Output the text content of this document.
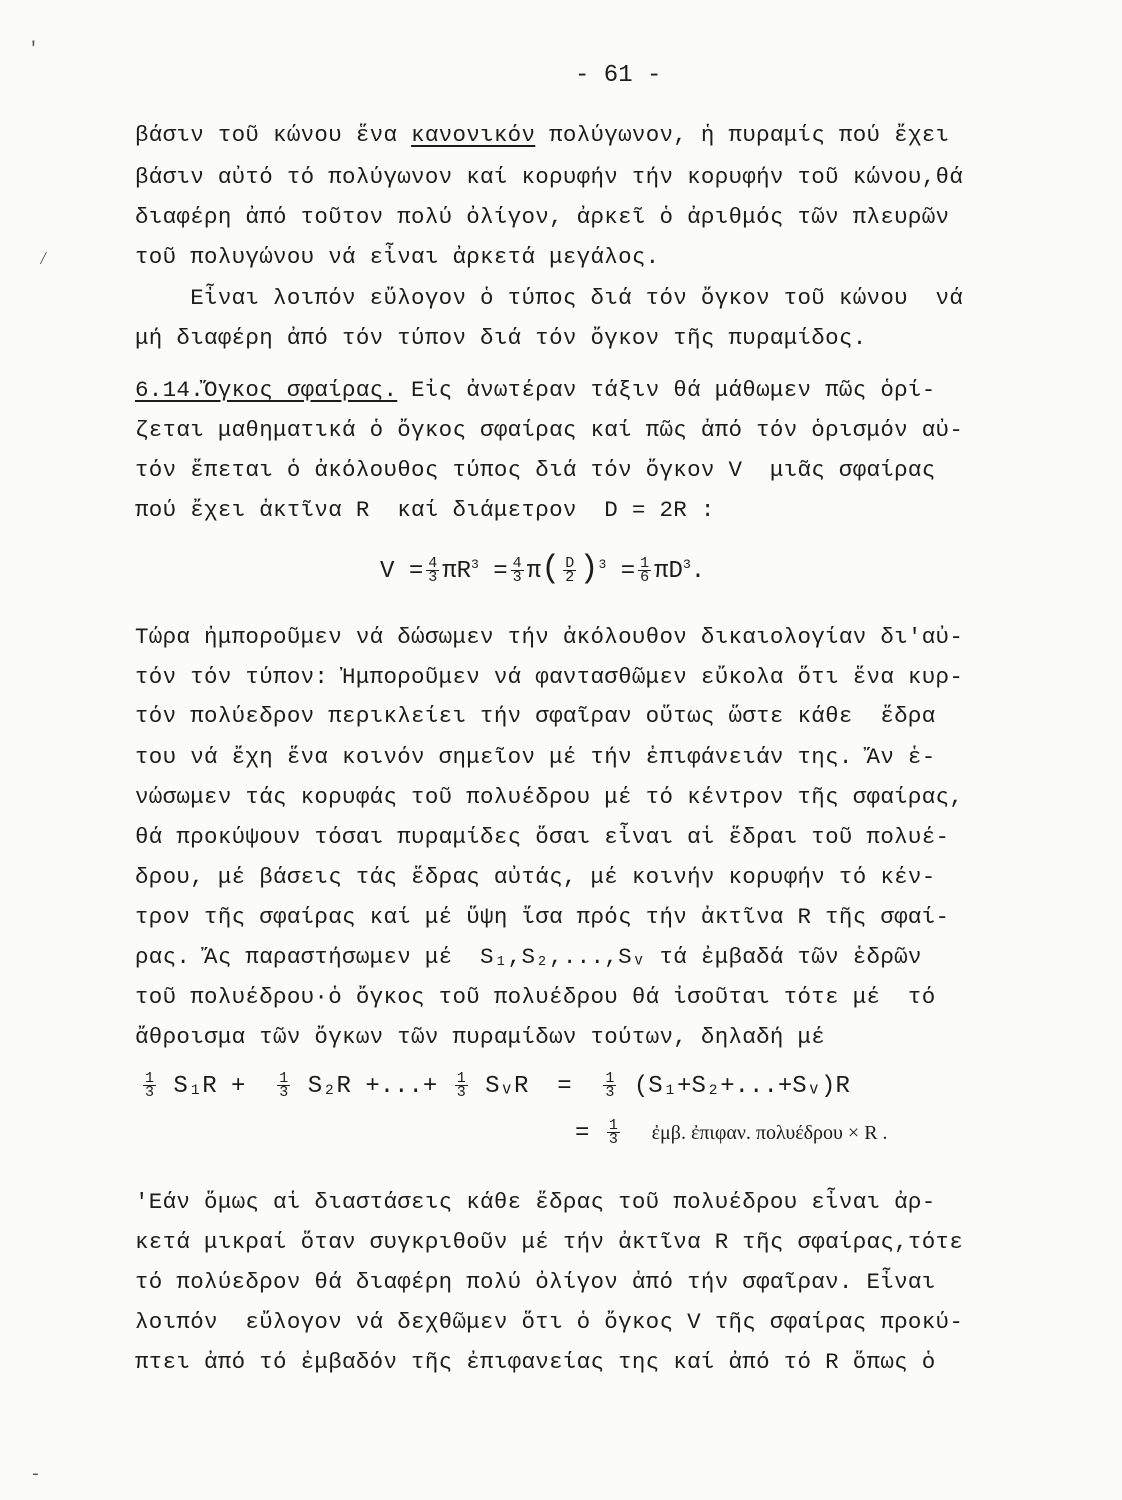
'
⁄
- 61 -
βάσιν τοῦ κώνου ἕνα κανονικόν πολύγωνον, ἡ πυραμίς πού ἔχει
βάσιν αὐτό τό πολύγωνον καί κορυφήν τήν κορυφήν τοῦ κώνου,θά
διαφέρη ἀπό τοῦτον πολύ ὀλίγον, ἀρκεῖ ὁ ἀριθμός τῶν πλευρῶν
τοῦ πολυγώνου νά εἶναι ἀρκετά μεγάλος.
Εἶναι λοιπόν εὔλογον ὁ τύπος διά τόν ὄγκον τοῦ κώνου  νά
μή διαφέρη ἀπό τόν τύπον διά τόν ὄγκον τῆς πυραμίδος.
6.14.Ὄγκος σφαίρας. Εἰς ἀνωτέραν τάξιν θά μάθωμεν πῶς ὁρί-
ζεται μαθηματικά ὁ ὄγκος σφαίρας καί πῶς ἀπό τόν ὁρισμόν αὐ-
τόν ἕπεται ὁ ἀκόλουθος τύπος διά τόν ὄγκον V  μιᾶς σφαίρας
πού ἔχει ἀκτῖνα R  καί διάμετρον  D = 2R :
$V = \frac{4}{3} \pi R^3 = \frac{4}{3} \pi( \frac{D}{2} )^3 = \frac{1}{6} \pi D^3$.
Τώρα ἠμποροῦμεν νά δώσωμεν τήν ἀκόλουθον δικαιολογίαν δι'αὐ-
τόν τόν τύπον: Ἠμποροῦμεν νά φαντασθῶμεν εὔκολα ὅτι ἕνα κυρ-
τόν πολύεδρον περικλείει τήν σφαῖραν οὕτως ὥστε κάθε  ἕδρα
του νά ἔχη ἕνα κοινόν σημεῖον μέ τήν ἐπιφάνειάν της. Ἄν ἑ-
νώσωμεν τάς κορυφάς τοῦ πολυέδρου μέ τό κέντρον τῆς σφαίρας,
θά προκύψουν τόσαι πυραμίδες ὅσαι εἶναι αἱ ἕδραι τοῦ πολυέ-
δρου, μέ βάσεις τάς ἕδρας αὐτάς, μέ κοινήν κορυφήν τό κέν-
τρον τῆς σφαίρας καί μέ ὕψη ἴσα πρός τήν ἀκτῖνα R τῆς σφαί-
ρας. Ἄς παραστήσωμεν μέ  S₁,S₂,...,Sᵥ τά ἐμβαδά τῶν ἑδρῶν
τοῦ πολυέδρου·ὁ ὄγκος τοῦ πολυέδρου θά ἰσοῦται τότε μέ  τό
ἄθροισμα τῶν ὄγκων τῶν πυραμίδων τούτων, δηλαδή μέ
$\frac{1}{3} S_1R + \frac{1}{3} S_2R$ +...+ $\frac{1}{3}$ SᵥR = $\frac{1}{3}$ (S₁+S₂+...+Sᵥ)R
= $\frac{1}{3}$ ἐμβ. ἐπιφαν. πολυέδρου × R .
'Εάν ὅμως αἱ διαστάσεις κάθε ἕδρας τοῦ πολυέδρου εἶναι ἀρ-
κετά μικραί ὅταν συγκριθοῦν μέ τήν ἀκτῖνα R τῆς σφαίρας,τότε
τό πολύεδρον θά διαφέρη πολύ ὀλίγον ἀπό τήν σφαῖραν. Εἶναι
λοιπόν  εὔλογον νά δεχθῶμεν ὅτι ὁ ὄγκος V τῆς σφαίρας προκύ-
πτει ἀπό τό ἐμβαδόν τῆς ἐπιφανείας της καί ἀπό τό R ὅπως ὁ
-
